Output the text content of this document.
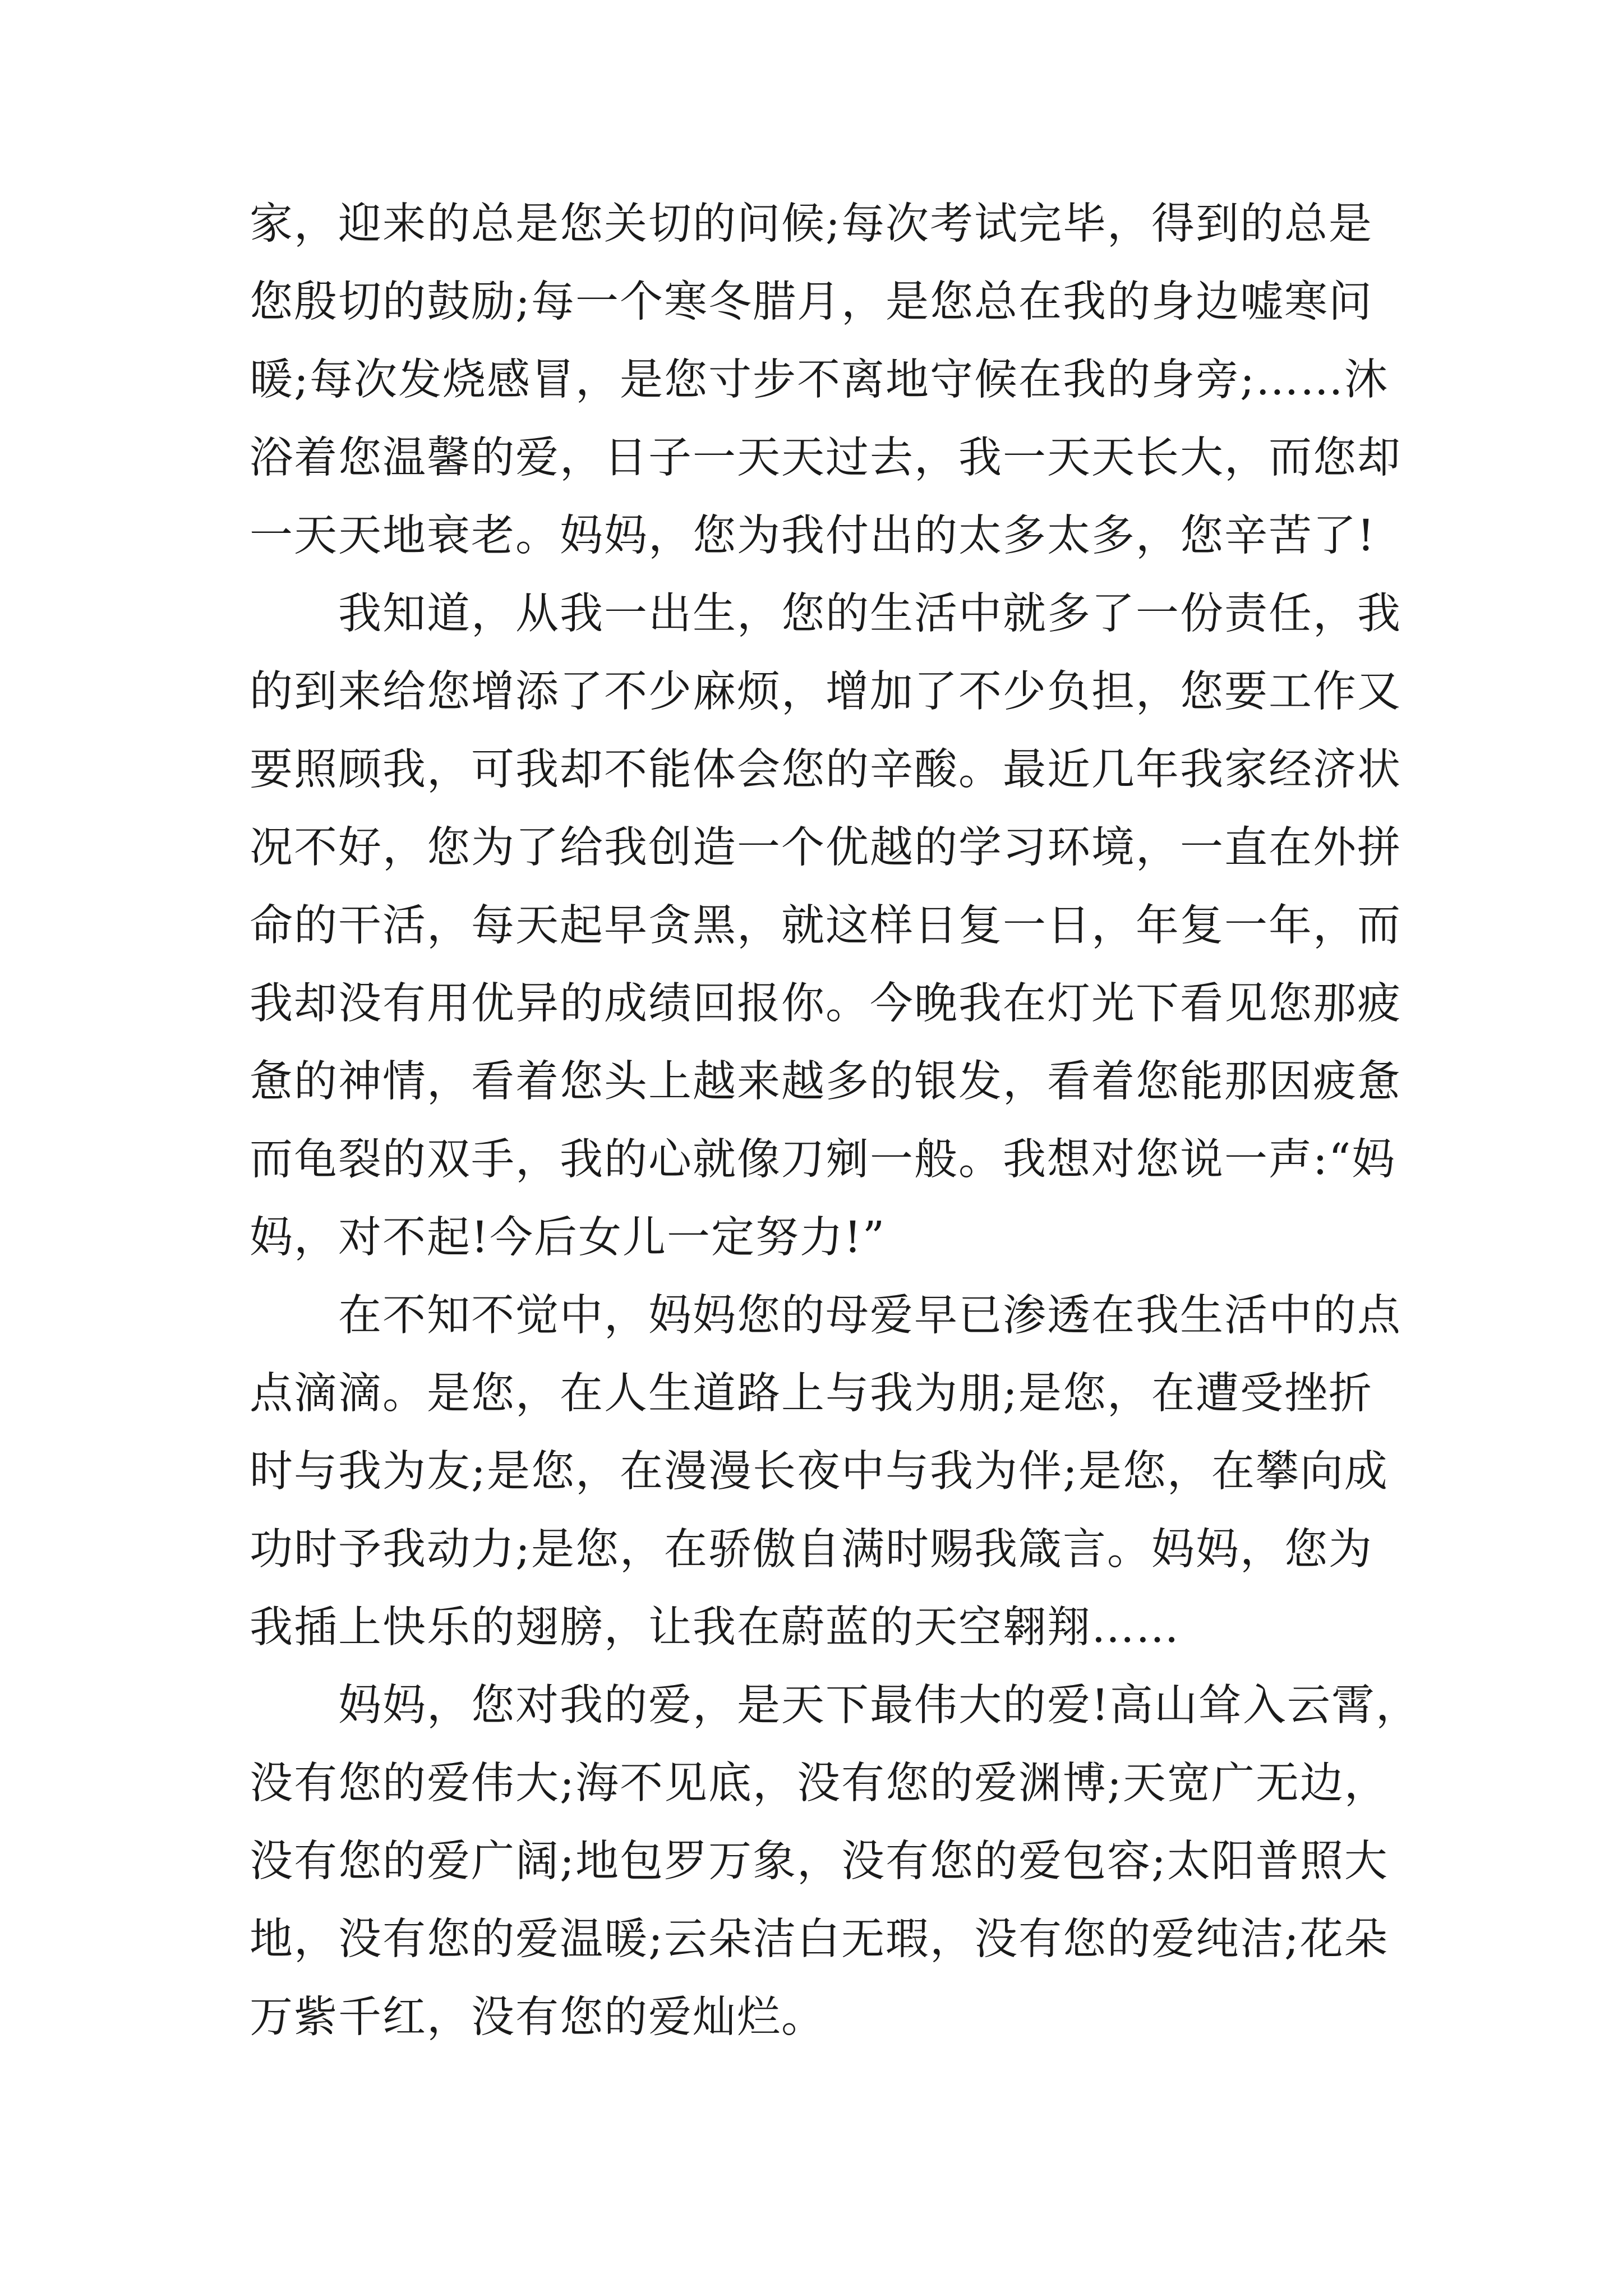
家，迎来的总是您关切的问候;每次考试完毕，得到的总是
您殷切的鼓励;每一个寒冬腊月，是您总在我的身边嘘寒问
暖;每次发烧感冒，是您寸步不离地守候在我的身旁;……沐
浴着您温馨的爱，日子一天天过去，我一天天长大，而您却
一天天地衰老。妈妈，您为我付出的太多太多，您辛苦了!
　　我知道，从我一出生，您的生活中就多了一份责任，我
的到来给您增添了不少麻烦，增加了不少负担，您要工作又
要照顾我，可我却不能体会您的辛酸。最近几年我家经济状
况不好，您为了给我创造一个优越的学习环境，一直在外拼
命的干活，每天起早贪黑，就这样日复一日，年复一年，而
我却没有用优异的成绩回报你。今晚我在灯光下看见您那疲
惫的神情，看着您头上越来越多的银发，看着您能那因疲惫
而龟裂的双手，我的心就像刀剜一般。我想对您说一声:“妈
妈，对不起!今后女儿一定努力!”
　　在不知不觉中，妈妈您的母爱早已渗透在我生活中的点
点滴滴。是您，在人生道路上与我为朋;是您，在遭受挫折
时与我为友;是您，在漫漫长夜中与我为伴;是您，在攀向成
功时予我动力;是您，在骄傲自满时赐我箴言。妈妈，您为
我插上快乐的翅膀，让我在蔚蓝的天空翱翔……
　　妈妈，您对我的爱，是天下最伟大的爱!高山耸入云霄，
没有您的爱伟大;海不见底，没有您的爱渊博;天宽广无边，
没有您的爱广阔;地包罗万象，没有您的爱包容;太阳普照大
地，没有您的爱温暖;云朵洁白无瑕，没有您的爱纯洁;花朵
万紫千红，没有您的爱灿烂。
